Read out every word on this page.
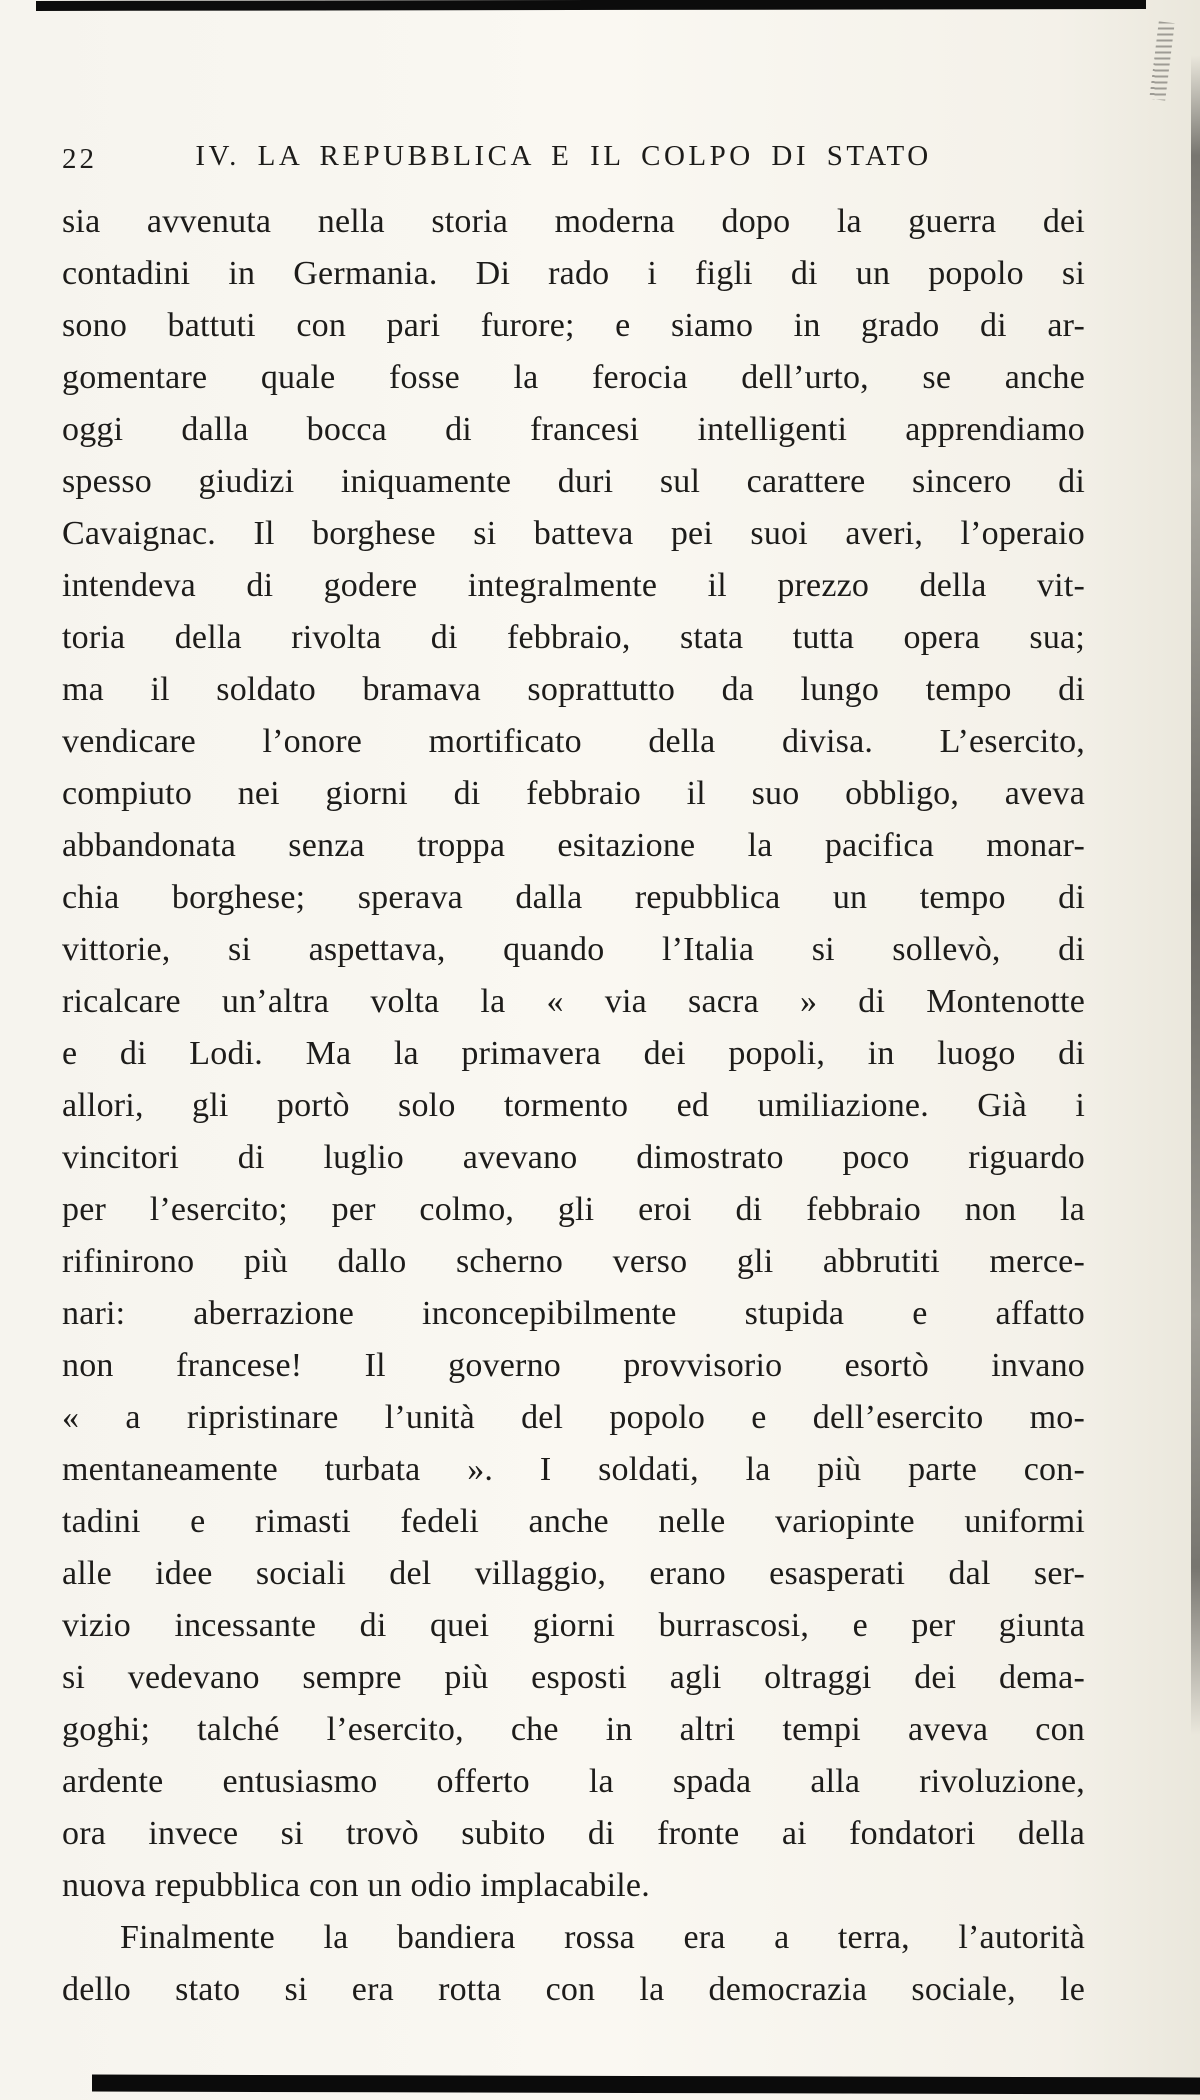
22	IV. LA REPUBBLICA E IL COLPO DI STATO
sia avvenuta nella storia moderna dopo la guerra dei
contadini in Germania. Di rado i figli di un popolo si
sono battuti con pari furore; e siamo in grado di ar-
gomentare quale fosse la ferocia dell’urto, se anche
oggi dalla bocca di francesi intelligenti apprendiamo
spesso giudizi iniquamente duri sul carattere sincero di
Cavaignac. Il borghese si batteva pei suoi averi, l’operaio
intendeva di godere integralmente il prezzo della vit-
toria della rivolta di febbraio, stata tutta opera sua;
ma il soldato bramava soprattutto da lungo tempo di
vendicare l’onore mortificato della divisa. L’esercito,
compiuto nei giorni di febbraio il suo obbligo, aveva
abbandonata senza troppa esitazione la pacifica monar-
chia borghese; sperava dalla repubblica un tempo di
vittorie, si aspettava, quando l’Italia si sollevò, di
ricalcare un’altra volta la « via sacra » di Montenotte
e di Lodi. Ma la primavera dei popoli, in luogo di
allori, gli portò solo tormento ed umiliazione. Già i
vincitori di luglio avevano dimostrato poco riguardo
per l’esercito; per colmo, gli eroi di febbraio non la
rifinirono più dallo scherno verso gli abbrutiti merce-
nari: aberrazione inconcepibilmente stupida e affatto
non francese! Il governo provvisorio esortò invano
« a ripristinare l’unità del popolo e dell’esercito mo-
mentaneamente turbata ». I soldati, la più parte con-
tadini e rimasti fedeli anche nelle variopinte uniformi
alle idee sociali del villaggio, erano esasperati dal ser-
vizio incessante di quei giorni burrascosi, e per giunta
si vedevano sempre più esposti agli oltraggi dei dema-
goghi; talché l’esercito, che in altri tempi aveva con
ardente entusiasmo offerto la spada alla rivoluzione,
ora invece si trovò subito di fronte ai fondatori della
nuova repubblica con un odio implacabile.
Finalmente la bandiera rossa era a terra, l’autorità
dello stato si era rotta con la democrazia sociale, le
